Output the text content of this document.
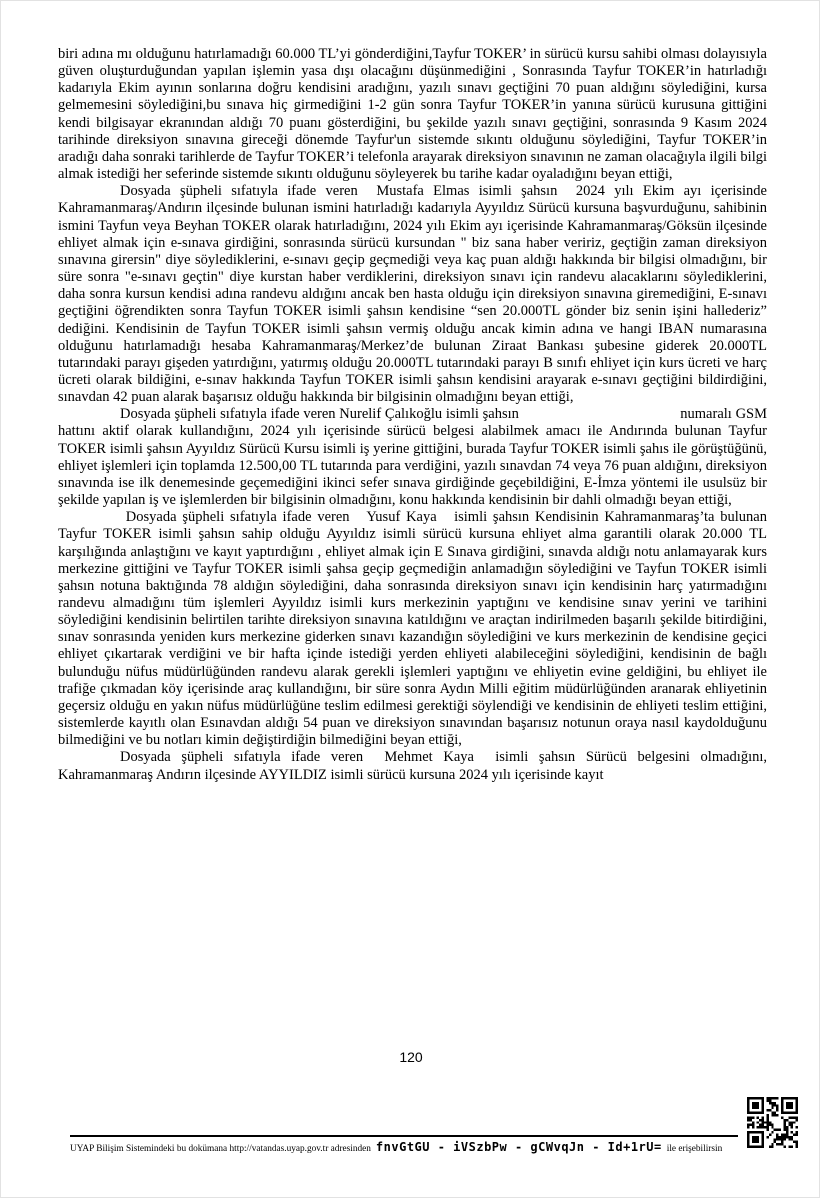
biri adına mı olduğunu hatırlamadığı 60.000 TL’yi gönderdiğini,Tayfur TOKER’ in sürücü kursu sahibi olması dolayısıyla güven oluşturduğundan yapılan işlemin yasa dışı olacağını düşünmediğini , Sonrasında Tayfur TOKER’in hatırladığı kadarıyla Ekim ayının sonlarına doğru kendisini aradığını, yazılı sınavı geçtiğini 70 puan aldığını söylediğini, kursa gelmemesini söylediğini,bu sınava hiç girmediğini 1-2 gün sonra Tayfur TOKER’in yanına sürücü kurusuna gittiğini kendi bilgisayar ekranından aldığı 70 puanı gösterdiğini, bu şekilde yazılı sınavı geçtiğini, sonrasında 9 Kasım 2024 tarihinde direksiyon sınavına gireceği dönemde Tayfur'un sistemde sıkıntı olduğunu söylediğini, Tayfur TOKER’in aradığı daha sonraki tarihlerde de Tayfur TOKER’i telefonla arayarak direksiyon sınavının ne zaman olacağıyla ilgili bilgi almak istediği her seferinde sistemde sıkıntı olduğunu söyleyerek bu tarihe kadar oyaladığını beyan ettiği,

Dosyada şüpheli sıfatıyla ifade veren  Mustafa Elmas isimli şahsın  2024 yılı Ekim ayı içerisinde Kahramanmaraş/Andırın ilçesinde bulunan ismini hatırladığı kadarıyla Ayyıldız Sürücü kursuna başvurduğunu, sahibinin ismini Tayfun veya Beyhan TOKER olarak hatırladığını, 2024 yılı Ekim ayı içerisinde Kahramanmaraş/Göksün ilçesinde ehliyet almak için e-sınava girdiğini, sonrasında sürücü kursundan " biz sana haber veririz, geçtiğin zaman direksiyon sınavına girersin" diye söylediklerini, e-sınavı geçip geçmediği veya kaç puan aldığı hakkında bir bilgisi olmadığını, bir süre sonra "e-sınavı geçtin" diye kurstan haber verdiklerini, direksiyon sınavı için randevu alacaklarını söylediklerini, daha sonra kursun kendisi adına randevu aldığını ancak ben hasta olduğu için direksiyon sınavına giremediğini, E-sınavı geçtiğini öğrendikten sonra Tayfun TOKER isimli şahsın kendisine “sen 20.000TL gönder biz senin işini hallederiz” dediğini. Kendisinin de Tayfun TOKER isimli şahsın vermiş olduğu ancak kimin adına ve hangi IBAN numarasına olduğunu hatırlamadığı hesaba Kahramanmaraş/Merkez’de bulunan Ziraat Bankası şubesine giderek 20.000TL tutarındaki parayı gişeden yatırdığını, yatırmış olduğu 20.000TL tutarındaki parayı B sınıfı ehliyet için kurs ücreti ve harç ücreti olarak bildiğini, e-sınav hakkında Tayfun TOKER isimli şahsın kendisini arayarak e-sınavı geçtiğini bildirdiğini, sınavdan 42 puan alarak başarısız olduğu hakkında bir bilgisinin olmadığını beyan ettiği,

Dosyada şüpheli sıfatıyla ifade veren Nurelif Çalıkoğlu isimli şahsın                                           numaralı GSM hattını aktif olarak kullandığını, 2024 yılı içerisinde sürücü belgesi alabilmek amacı ile Andırında bulunan Tayfur TOKER isimli şahsın Ayyıldız Sürücü Kursu isimli iş yerine gittiğini, burada Tayfur TOKER isimli şahıs ile görüştüğünü, ehliyet işlemleri için toplamda 12.500,00 TL tutarında para verdiğini, yazılı sınavdan 74 veya 76 puan aldığını, direksiyon sınavında ise ilk denemesinde geçemediğini ikinci sefer sınava girdiğinde geçebildiğini, E-İmza yöntemi ile usulsüz bir şekilde yapılan iş ve işlemlerden bir bilgisinin olmadığını, konu hakkında kendisinin bir dahli olmadığı beyan ettiği,

Dosyada şüpheli sıfatıyla ifade veren   Yusuf Kaya   isimli şahsın Kendisinin Kahramanmaraş’ta bulunan Tayfur TOKER isimli şahsın sahip olduğu Ayyıldız isimli sürücü kursuna ehliyet alma garantili olarak 20.000 TL karşılığında anlaştığını ve kayıt yaptırdığını , ehliyet almak için E Sınava girdiğini, sınavda aldığı notu anlamayarak kurs merkezine gittiğini ve Tayfur TOKER isimli şahsa geçip geçmediğin anlamadığın söylediğini ve Tayfun TOKER isimli şahsın notuna baktığında 78 aldığın söylediğini, daha sonrasında direksiyon sınavı için kendisinin harç yatırmadığını randevu almadığını tüm işlemleri Ayyıldız isimli kurs merkezinin yaptığını ve kendisine sınav yerini ve tarihini söylediğini kendisinin belirtilen tarihte direksiyon sınavına katıldığını ve araçtan indirilmeden başarılı şekilde bitirdiğini, sınav sonrasında yeniden kurs merkezine giderken sınavı kazandığın söylediğini ve kurs merkezinin de kendisine geçici ehliyet çıkartarak verdiğini ve bir hafta içinde istediği yerden ehliyeti alabileceğini söylediğini, kendisinin de bağlı bulunduğu nüfus müdürlüğünden randevu alarak gerekli işlemleri yaptığını ve ehliyetin evine geldiğini, bu ehliyet ile trafiğe çıkmadan köy içerisinde araç kullandığını, bir süre sonra Aydın Milli eğitim müdürlüğünden aranarak ehliyetinin geçersiz olduğu en yakın nüfus müdürlüğüne teslim edilmesi gerektiği söylendiği ve kendisinin de ehliyeti teslim ettiğini, sistemlerde kayıtlı olan Esınavdan aldığı 54 puan ve direksiyon sınavından başarısız notunun oraya nasıl kaydolduğunu bilmediğini ve bu notları kimin değiştirdiğin bilmediğini beyan ettiği,

Dosyada şüpheli sıfatıyla ifade veren  Mehmet Kaya  isimli şahsın Sürücü belgesini olmadığını, Kahramanmaraş Andırın ilçesinde AYYILDIZ isimli sürücü kursuna 2024 yılı içerisinde kayıt

120
UYAP Bilişim Sistemindeki bu dokümana http://vatandas.uyap.gov.tr adresinden fnvGtGU - iVSzbPw - gCWvqJn - Id+1rU= ile erişebilirsin
